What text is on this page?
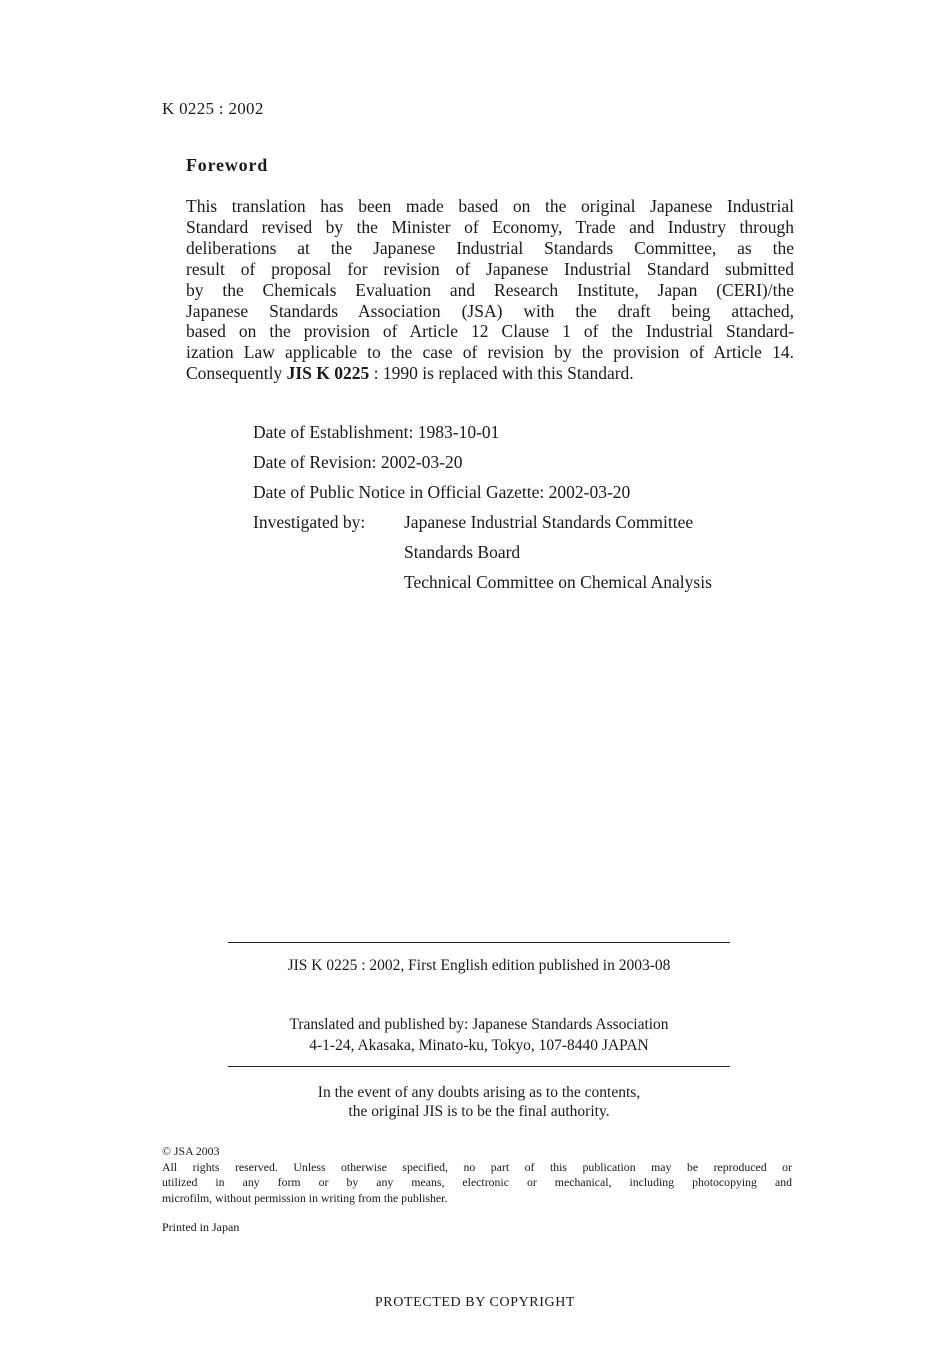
K 0225 : 2002
Foreword
This translation has been made based on the original Japanese Industrial
Standard revised by the Minister of Economy, Trade and Industry through
deliberations at the Japanese Industrial Standards Committee, as the
result of proposal for revision of Japanese Industrial Standard submitted
by the Chemicals Evaluation and Research Institute, Japan (CERI)/the
Japanese Standards Association (JSA) with the draft being attached,
based on the provision of Article 12 Clause 1 of the Industrial Standard-
ization Law applicable to the case of revision by the provision of Article 14.
Consequently JIS K 0225 : 1990 is replaced with this Standard.
Date of Establishment: 1983-10-01
Date of Revision: 2002-03-20
Date of Public Notice in Official Gazette: 2002-03-20
Investigated by:	Japanese Industrial Standards Committee
Standards Board
Technical Committee on Chemical Analysis
JIS K 0225 : 2002, First English edition published in 2003-08
Translated and published by: Japanese Standards Association
4-1-24, Akasaka, Minato-ku, Tokyo, 107-8440 JAPAN
In the event of any doubts arising as to the contents,
the original JIS is to be the final authority.
© JSA 2003
All rights reserved. Unless otherwise specified, no part of this publication may be reproduced or
utilized in any form or by any means, electronic or mechanical, including photocopying and
microfilm, without permission in writing from the publisher.
Printed in Japan
PROTECTED BY COPYRIGHT
